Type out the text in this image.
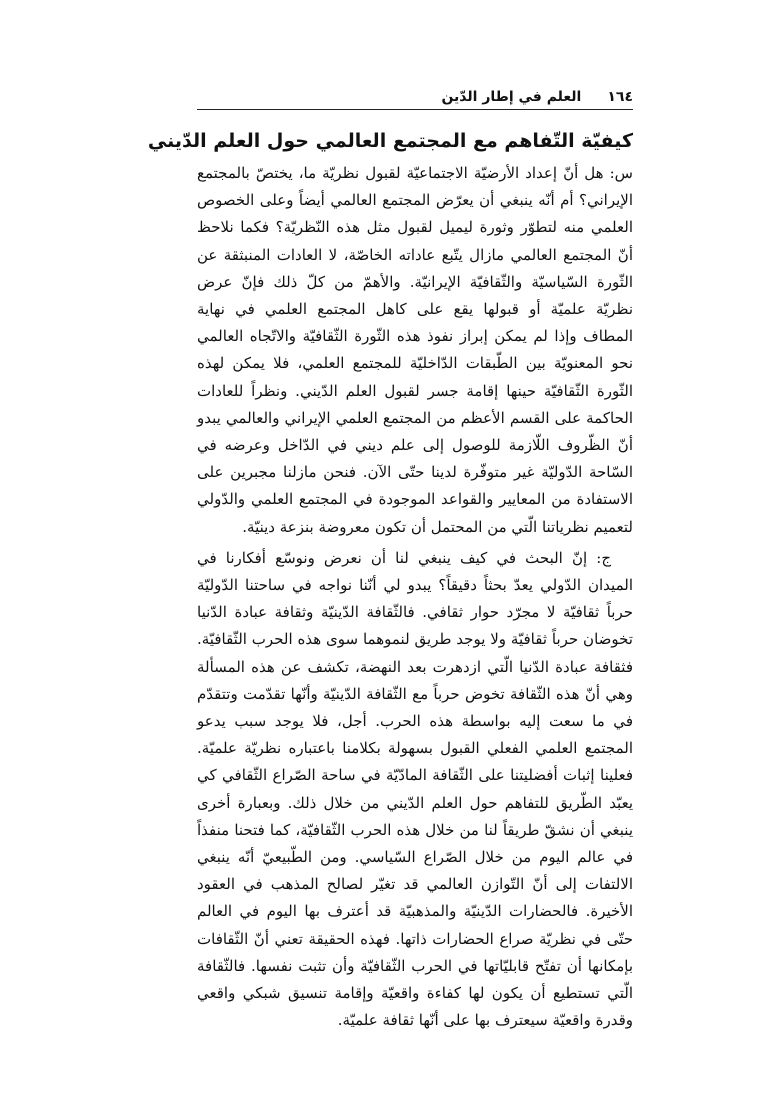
١٦٤
العلم في إطار الدّين
كيفيّة التّفاهم مع المجتمع العالمي حول العلم الدّيني

س: هل أنّ إعداد الأرضيّة الاجتماعيّة لقبول نظريّة ما، يختصّ بالمجتمع الإيراني؟ أم أنّه ينبغي أن يعرّض المجتمع العالمي أيضاً وعلى الخصوص العلمي منه لتطوّر وثورة ليميل لقبول مثل هذه النّظريّة؟ فكما نلاحظ أنّ المجتمع العالمي مازال يتّبع عاداته الخاصّة، لا العادات المنبثقة عن الثّورة السّياسيّة والثّقافيّة الإيرانيّة. والأهمّ من كلّ ذلك فإنّ عرض نظريّة علميّة أو قبولها يقع على كاهل المجتمع العلمي في نهاية المطاف وإذا لم يمكن إبراز نفوذ هذه الثّورة الثّقافيّة والاتّجاه العالمي نحو المعنويّة بين الطّبقات الدّاخليّة للمجتمع العلمي، فلا يمكن لهذه الثّورة الثّقافيّة حينها إقامة جسر لقبول العلم الدّيني. ونظراً للعادات الحاكمة على القسم الأعظم من المجتمع العلمي الإيراني والعالمي يبدو أنّ الظّروف اللّازمة للوصول إلى علم ديني في الدّاخل وعرضه في السّاحة الدّوليّة غير متوفّرة لدينا حتّى الآن. فنحن مازلنا مجبرين على الاستفادة من المعايير والقواعد الموجودة في المجتمع العلمي والدّولي لتعميم نظرياتنا الّتي من المحتمل أن تكون معروضة بنزعة دينيّة.

ج: إنّ البحث في كيف ينبغي لنا أن نعرض ونوسّع أفكارنا في الميدان الدّولي يعدّ بحثاً دقيقاً؟ يبدو لي أنّنا نواجه في ساحتنا الدّوليّة حرباً ثقافيّة لا مجرّد حوار ثقافي. فالثّقافة الدّينيّة وثقافة عبادة الدّنيا تخوضان حرباً ثقافيّة ولا يوجد طريق لنموهما سوى هذه الحرب الثّقافيّة. فثقافة عبادة الدّنيا الّتي ازدهرت بعد النهضة، تكشف عن هذه المسألة وهي أنّ هذه الثّقافة تخوض حرباً مع الثّقافة الدّينيّة وأنّها تقدّمت وتتقدّم في ما سعت إليه بواسطة هذه الحرب. أجل، فلا يوجد سبب يدعو المجتمع العلمي الفعلي القبول بسهولة بكلامنا باعتباره نظريّة علميّة. فعلينا إثبات أفضليتنا على الثّقافة المادّيّة في ساحة الصّراع الثّقافي كي يعبّد الطّريق للتفاهم حول العلم الدّيني من خلال ذلك. وبعبارة أخرى ينبغي أن نشقّ طريقاً لنا من خلال هذه الحرب الثّقافيّة، كما فتحنا منفذاً في عالم اليوم من خلال الصّراع السّياسي. ومن الطّبيعيّ أنّه ينبغي الالتفات إلى أنّ التّوازن العالمي قد تغيّر لصالح المذهب في العقود الأخيرة. فالحضارات الدّينيّة والمذهبيّة قد أعترف بها اليوم في العالم حتّى في نظريّة صراع الحضارات ذاتها. فهذه الحقيقة تعني أنّ الثّقافات بإمكانها أن تفتّح قابليّاتها في الحرب الثّقافيّة وأن تثبت نفسها. فالثّقافة الّتي تستطيع أن يكون لها كفاءة واقعيّة وإقامة تنسيق شبكي واقعي وقدرة واقعيّة سيعترف بها على أنّها ثقافة علميّة.
